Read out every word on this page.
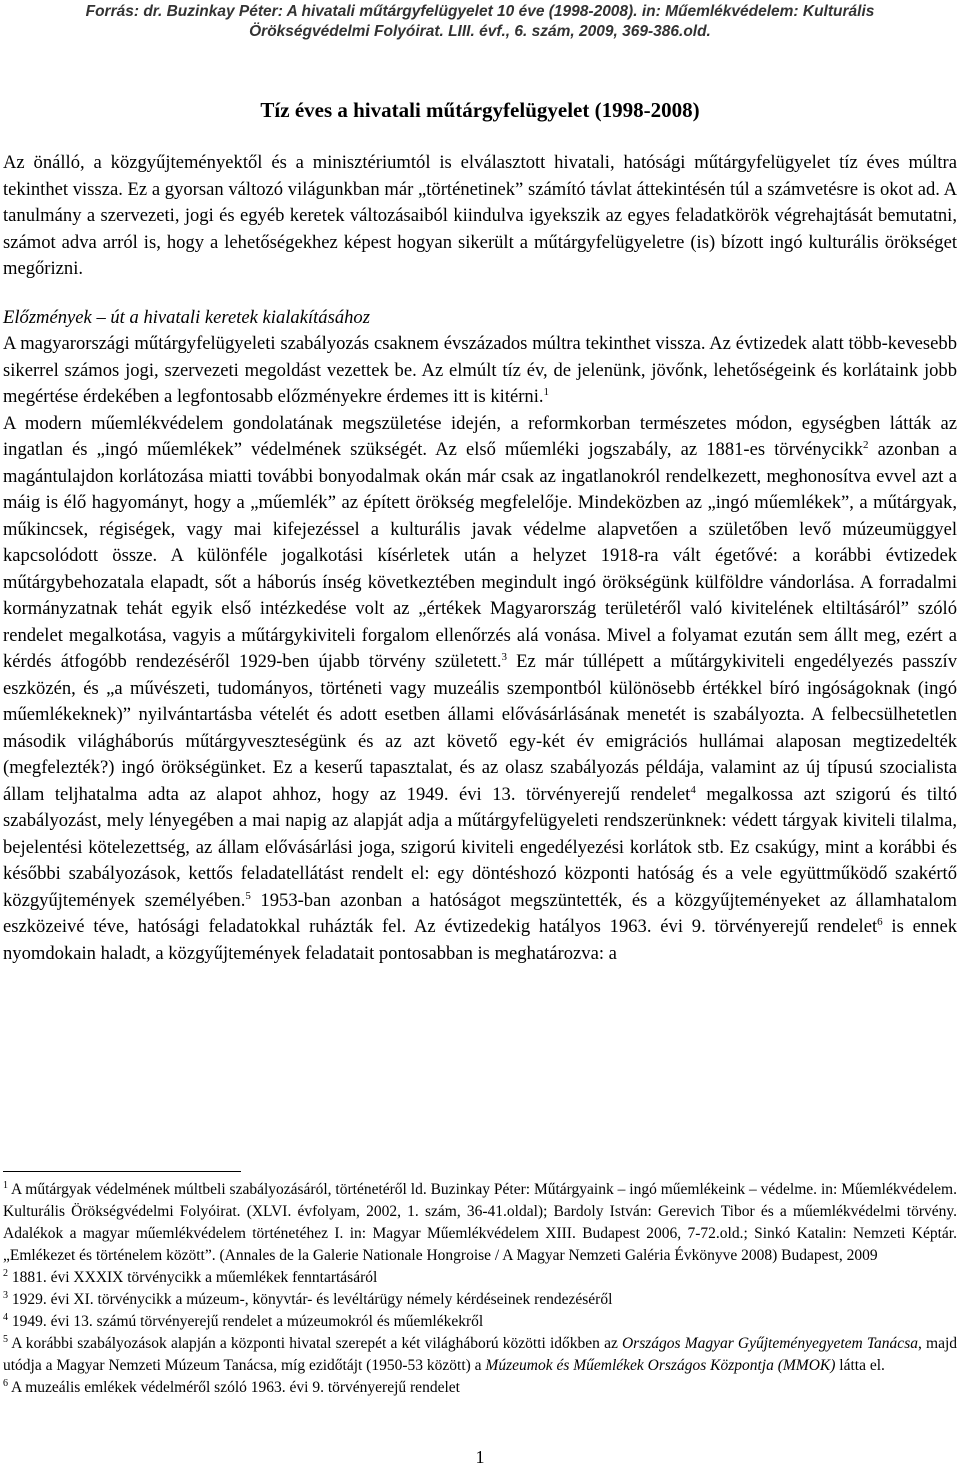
Forrás: dr. Buzinkay Péter: A hivatali műtárgyfelügyelet 10 éve (1998-2008). in: Műemlékvédelem: Kulturális
Örökségvédelmi Folyóirat. LIII. évf., 6. szám, 2009, 369-386.old.
Tíz éves a hivatali műtárgyfelügyelet (1998-2008)

Az önálló, a közgyűjteményektől és a minisztériumtól is elválasztott hivatali, hatósági műtárgyfelügyelet tíz éves múltra tekinthet vissza. Ez a gyorsan változó világunkban már „történetinek” számító távlat áttekintésén túl a számvetésre is okot ad. A tanulmány a szervezeti, jogi és egyéb keretek változásaiból kiindulva igyekszik az egyes feladatkörök végrehajtását bemutatni, számot adva arról is, hogy a lehetőségekhez képest hogyan sikerült a műtárgyfelügyeletre (is) bízott ingó kulturális örökséget megőrizni.

Előzmények – út a hivatali keretek kialakításához

A magyarországi műtárgyfelügyeleti szabályozás csaknem évszázados múltra tekinthet vissza. Az évtizedek alatt több-kevesebb sikerrel számos jogi, szervezeti megoldást vezettek be. Az elmúlt tíz év, de jelenünk, jövőnk, lehetőségeink és korlátaink jobb megértése érdekében a legfontosabb előzményekre érdemes itt is kitérni.$^1$

A modern műemlékvédelem gondolatának megszületése idején, a reformkorban természetes módon, egységben látták az ingatlan és „ingó műemlékek” védelmének szükségét. Az első műemléki jogszabály, az 1881-es törvénycikk$^2$ azonban a magántulajdon korlátozása miatti további bonyodalmak okán már csak az ingatlanokról rendelkezett, meghonosítva evvel azt a máig is élő hagyományt, hogy a „műemlék” az épített örökség megfelelője. Mindeközben az „ingó műemlékek”, a műtárgyak, műkincsek, régiségek, vagy mai kifejezéssel a kulturális javak védelme alapvetően a születőben levő múzeumüggyel kapcsolódott össze. A különféle jogalkotási kísérletek után a helyzet 1918-ra vált égetővé: a korábbi évtizedek műtárgybehozatala elapadt, sőt a háborús ínség következtében megindult ingó örökségünk külföldre vándorlása. A forradalmi kormányzatnak tehát egyik első intézkedése volt az „értékek Magyarország területéről való kivitelének eltiltásáról” szóló rendelet megalkotása, vagyis a műtárgykiviteli forgalom ellenőrzés alá vonása. Mivel a folyamat ezután sem állt meg, ezért a kérdés átfogóbb rendezéséről 1929-ben újabb törvény született.$^3$ Ez már túllépett a műtárgykiviteli engedélyezés passzív eszközén, és „a művészeti, tudományos, történeti vagy muzeális szempontból különösebb értékkel bíró ingóságoknak (ingó műemlékeknek)” nyilvántartásba vételét és adott esetben állami elővásárlásának menetét is szabályozta. A felbecsülhetetlen második világháborús műtárgyveszteségünk és az azt követő egy-két év emigrációs hullámai alaposan megtizedelték (megfelezték?) ingó örökségünket. Ez a keserű tapasztalat, és az olasz szabályozás példája, valamint az új típusú szocialista állam teljhatalma adta az alapot ahhoz, hogy az 1949. évi 13. törvényerejű rendelet$^4$ megalkossa azt szigorú és tiltó szabályozást, mely lényegében a mai napig az alapját adja a műtárgyfelügyeleti rendszerünknek: védett tárgyak kiviteli tilalma, bejelentési kötelezettség, az állam elővásárlási joga, szigorú kiviteli engedélyezési korlátok stb. Ez csakúgy, mint a korábbi és későbbi szabályozások, kettős feladatellátást rendelt el: egy döntéshozó központi hatóság és a vele együttműködő szakértő közgyűjtemények személyében.$^5$ 1953-ban azonban a hatóságot megszüntették, és a közgyűjteményeket az államhatalom eszközeivé téve, hatósági feladatokkal ruházták fel. Az évtizedekig hatályos 1963. évi 9. törvényerejű rendelet$^6$ is ennek nyomdokain haladt, a közgyűjtemények feladatait pontosabban is meghatározva: a

$^1$ A műtárgyak védelmének múltbeli szabályozásáról, történetéről ld. Buzinkay Péter: Műtárgyaink – ingó műemlékeink – védelme. in: Műemlékvédelem. Kulturális Örökségvédelmi Folyóirat. (XLVI. évfolyam, 2002, 1. szám, 36-41.oldal); Bardoly István: Gerevich Tibor és a műemlékvédelmi törvény. Adalékok a magyar műemlékvédelem történetéhez I. in: Magyar Műemlékvédelem XIII. Budapest 2006, 7-72.old.; Sinkó Katalin: Nemzeti Képtár. „Emlékezet és történelem között”. (Annales de la Galerie Nationale Hongroise / A Magyar Nemzeti Galéria Évkönyve 2008) Budapest, 2009

$^2$ 1881. évi XXXIX törvénycikk a műemlékek fenntartásáról

$^3$ 1929. évi XI. törvénycikk a múzeum-, könyvtár- és levéltárügy némely kérdéseinek rendezéséről

$^4$ 1949. évi 13. számú törvényerejű rendelet a múzeumokról és műemlékekről

$^5$ A korábbi szabályozások alapján a központi hivatal szerepét a két világháború közötti időkben az Országos Magyar Gyűjteményegyetem Tanácsa, majd utódja a Magyar Nemzeti Múzeum Tanácsa, míg ezidőtájt (1950-53 között) a Múzeumok és Műemlékek Országos Központja (MMOK) látta el.

$^6$ A muzeális emlékek védelméről szóló 1963. évi 9. törvényerejű rendelet

1
